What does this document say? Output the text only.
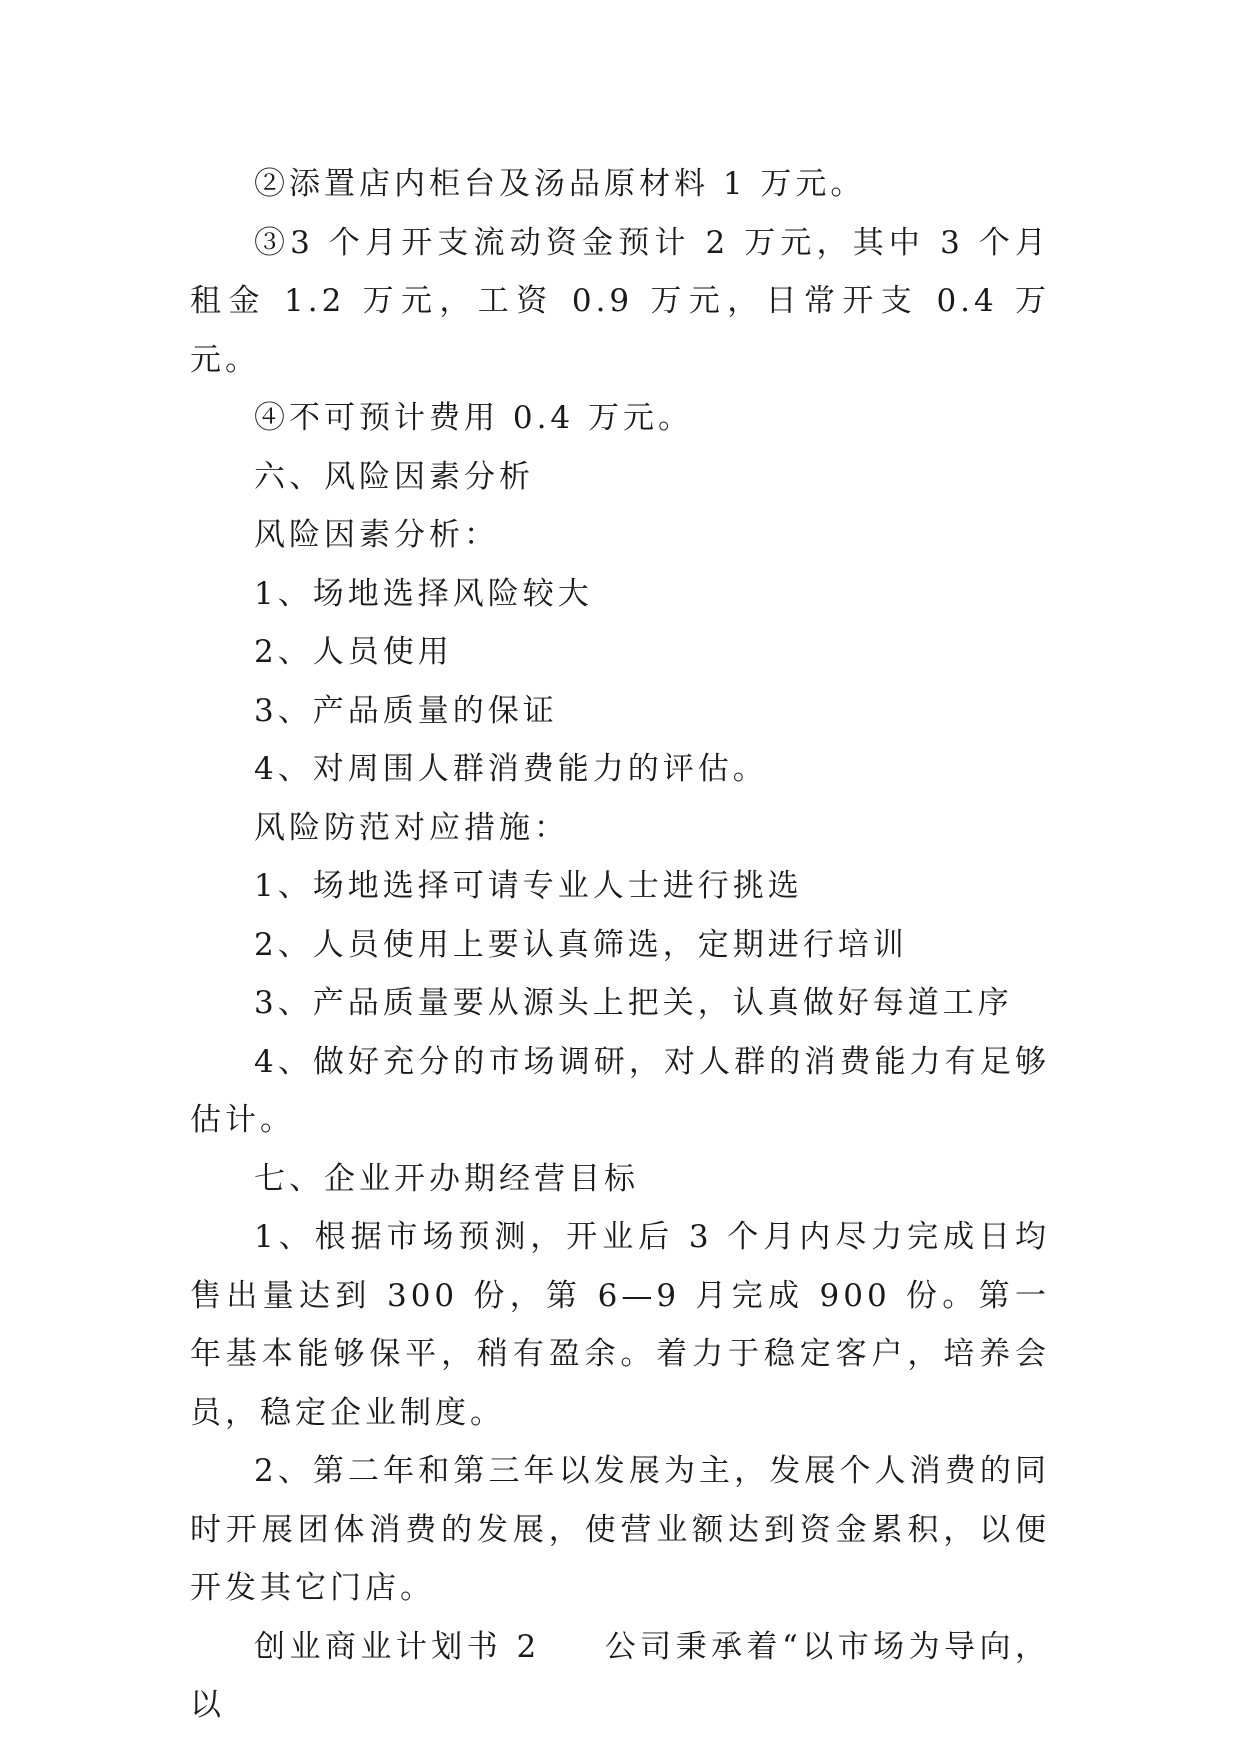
②添置店内柜台及汤品原材料 1 万元。

③3 个月开支流动资金预计 2 万元，其中 3 个月租金 1.2 万元，工资 0.9 万元，日常开支 0.4 万元。

④不可预计费用 0.4 万元。

六、风险因素分析

风险因素分析：

1、场地选择风险较大

2、人员使用

3、产品质量的保证

4、对周围人群消费能力的评估。

风险防范对应措施：

1、场地选择可请专业人士进行挑选

2、人员使用上要认真筛选，定期进行培训

3、产品质量要从源头上把关，认真做好每道工序

4、做好充分的市场调研，对人群的消费能力有足够估计。

七、企业开办期经营目标

1、根据市场预测，开业后 3 个月内尽力完成日均售出量达到 300 份，第 6—9 月完成 900 份。第一年基本能够保平，稍有盈余。着力于稳定客户，培养会员，稳定企业制度。

2、第二年和第三年以发展为主，发展个人消费的同时开展团体消费的发展，使营业额达到资金累积，以便开发其它门店。

创业商业计划书 2 公司秉承着“以市场为导向，以
